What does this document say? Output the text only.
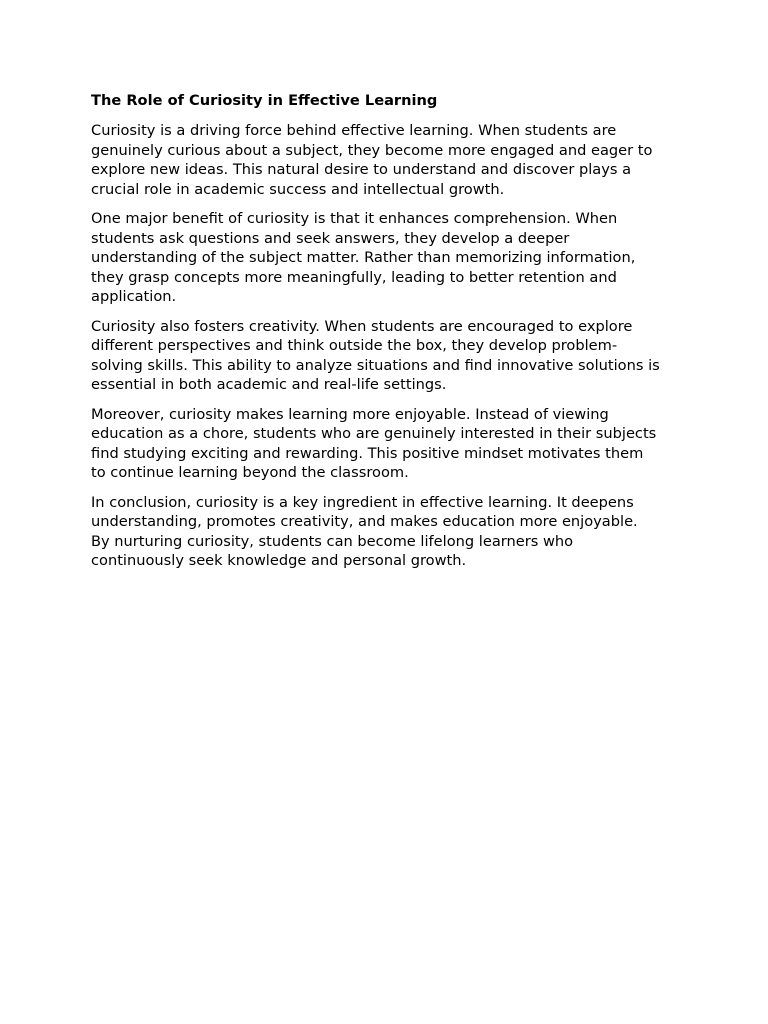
The Role of Curiosity in Effective Learning
Curiosity is a driving force behind effective learning. When students are
genuinely curious about a subject, they become more engaged and eager to
explore new ideas. This natural desire to understand and discover plays a
crucial role in academic success and intellectual growth.
One major benefit of curiosity is that it enhances comprehension. When
students ask questions and seek answers, they develop a deeper
understanding of the subject matter. Rather than memorizing information,
they grasp concepts more meaningfully, leading to better retention and
application.
Curiosity also fosters creativity. When students are encouraged to explore
different perspectives and think outside the box, they develop problem-
solving skills. This ability to analyze situations and find innovative solutions is
essential in both academic and real-life settings.
Moreover, curiosity makes learning more enjoyable. Instead of viewing
education as a chore, students who are genuinely interested in their subjects
find studying exciting and rewarding. This positive mindset motivates them
to continue learning beyond the classroom.
In conclusion, curiosity is a key ingredient in effective learning. It deepens
understanding, promotes creativity, and makes education more enjoyable.
By nurturing curiosity, students can become lifelong learners who
continuously seek knowledge and personal growth.
